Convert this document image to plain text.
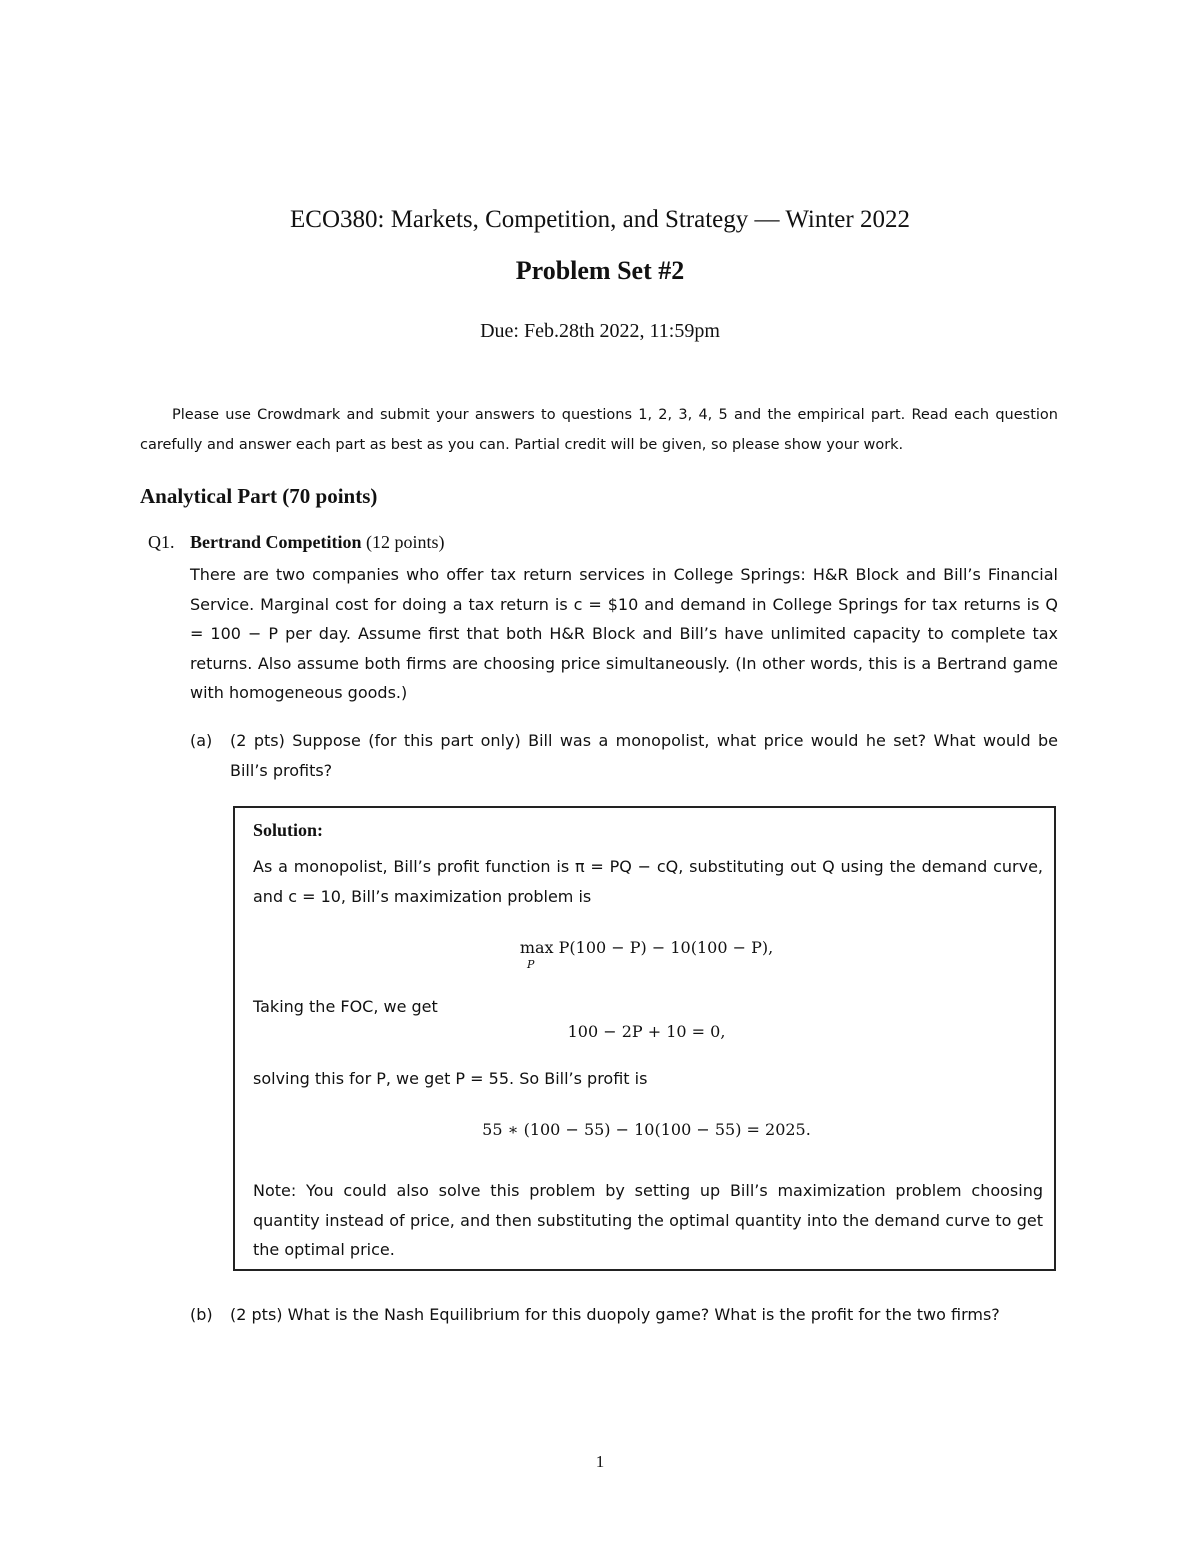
ECO380: Markets, Competition, and Strategy — Winter 2022
Problem Set #2
Due: Feb.28th 2022, 11:59pm
Please use Crowdmark and submit your answers to questions 1, 2, 3, 4, 5 and the empirical part. Read each question carefully and answer each part as best as you can. Partial credit will be given, so please show your work.
Analytical Part (70 points)
Q1. Bertrand Competition (12 points)
There are two companies who offer tax return services in College Springs: H&R Block and Bill’s Financial Service. Marginal cost for doing a tax return is c = $10 and demand in College Springs for tax returns is Q = 100 − P per day. Assume first that both H&R Block and Bill’s have unlimited capacity to complete tax returns. Also assume both firms are choosing price simultaneously. (In other words, this is a Bertrand game with homogeneous goods.)
(a) (2 pts) Suppose (for this part only) Bill was a monopolist, what price would he set? What would be Bill’s profits?
Solution:
As a monopolist, Bill’s profit function is π = PQ − cQ, substituting out Q using the demand curve, and c = 10, Bill’s maximization problem is
max P(100 − P) − 10(100 − P),
P
Taking the FOC, we get
100 − 2P + 10 = 0,
solving this for P, we get P = 55. So Bill’s profit is
55 ∗ (100 − 55) − 10(100 − 55) = 2025.
Note: You could also solve this problem by setting up Bill’s maximization problem choosing quantity instead of price, and then substituting the optimal quantity into the demand curve to get the optimal price.
(b) (2 pts) What is the Nash Equilibrium for this duopoly game? What is the profit for the two firms?
1
